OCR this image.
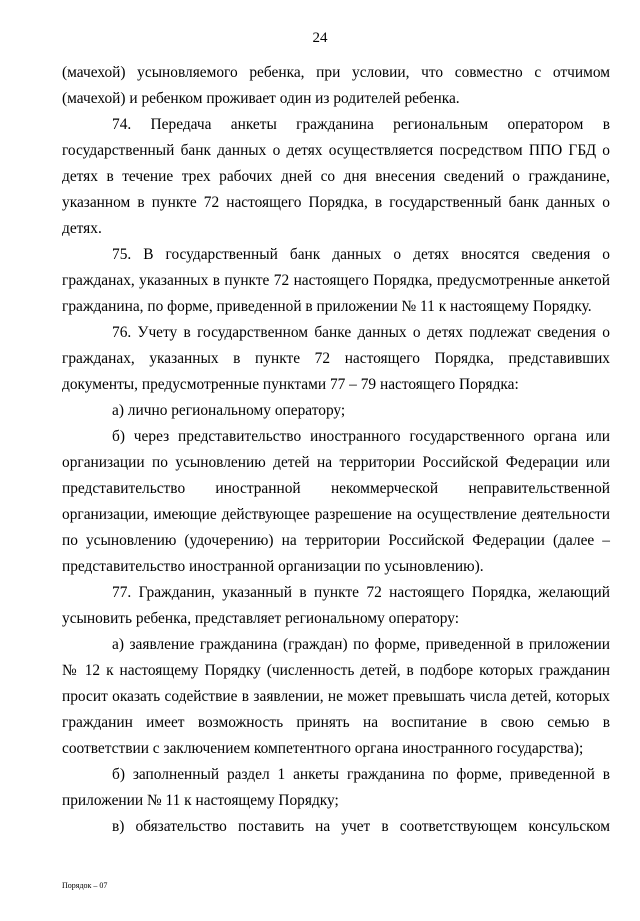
24

(мачехой) усыновляемого ребенка, при условии, что совместно с отчимом (мачехой) и ребенком проживает один из родителей ребенка.

74. Передача анкеты гражданина региональным оператором в государственный банк данных о детях осуществляется посредством ППО ГБД о детях в течение трех рабочих дней со дня внесения сведений о гражданине, указанном в пункте 72 настоящего Порядка, в государственный банк данных о детях.

75. В государственный банк данных о детях вносятся сведения о гражданах, указанных в пункте 72 настоящего Порядка, предусмотренные анкетой гражданина, по форме, приведенной в приложении № 11 к настоящему Порядку.

76. Учету в государственном банке данных о детях подлежат сведения о гражданах, указанных в пункте 72 настоящего Порядка, представивших документы, предусмотренные пунктами 77 – 79 настоящего Порядка:

а) лично региональному оператору;

б) через представительство иностранного государственного органа или организации по усыновлению детей на территории Российской Федерации или представительство иностранной некоммерческой неправительственной организации, имеющие действующее разрешение на осуществление деятельности по усыновлению (удочерению) на территории Российской Федерации (далее – представительство иностранной организации по усыновлению).

77. Гражданин, указанный в пункте 72 настоящего Порядка, желающий усыновить ребенка, представляет региональному оператору:

а) заявление гражданина (граждан) по форме, приведенной в приложении № 12 к настоящему Порядку (численность детей, в подборе которых гражданин просит оказать содействие в заявлении, не может превышать числа детей, которых гражданин имеет возможность принять на воспитание в свою семью в соответствии с заключением компетентного органа иностранного государства);

б) заполненный раздел 1 анкеты гражданина по форме, приведенной в приложении № 11 к настоящему Порядку;

в) обязательство поставить на учет в соответствующем консульском

Порядок – 07
